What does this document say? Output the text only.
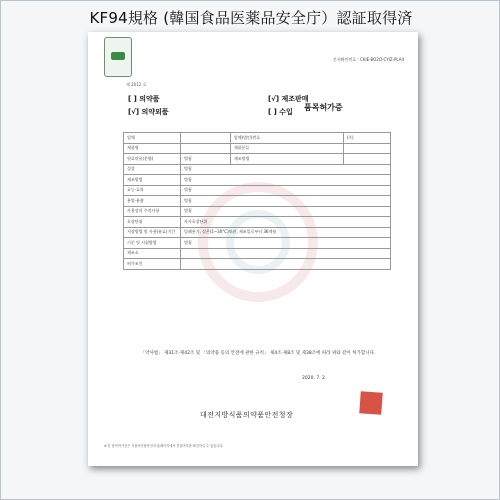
KF94規格 (韓国食品医薬品安全庁）認証取得済
문서확인번호 : CKIE-BO2O-CYIZ-PLA4
제 2012 호
[ ] 의약품
[√] 의약외품
[√] 제조판매
[ ] 수입	품목허가증
업체		업체(법인)번호	(주)
제품명		제품분류	
원료약품(분량)	별첨	제조방법	
성상	별첨		
제조방법	별첨		
효능·효과	별첨		
용법·용량	별첨		
사용상의 주의사항	별첨		
포장단위	자사포장단위		
저장방법 및 사용(유효)기간	밀폐용기, 실온(1~30°C)보관, 제조일로부터 36개월		
기준 및 시험방법	별첨		
제조소			
허가조건			
「약사법」 제31조·제42조 및 「의약품 등의 안전에 관한 규칙」 제4조·제8조 및 제38조에 따라 위와 같이 허가합니다.
2020. 7. 2
대전지방식품의약품안전청장
※ 본 품목허가증은 식품의약품안전처 홈페이지에서 진위여부를 확인하실 수 있습니다.
